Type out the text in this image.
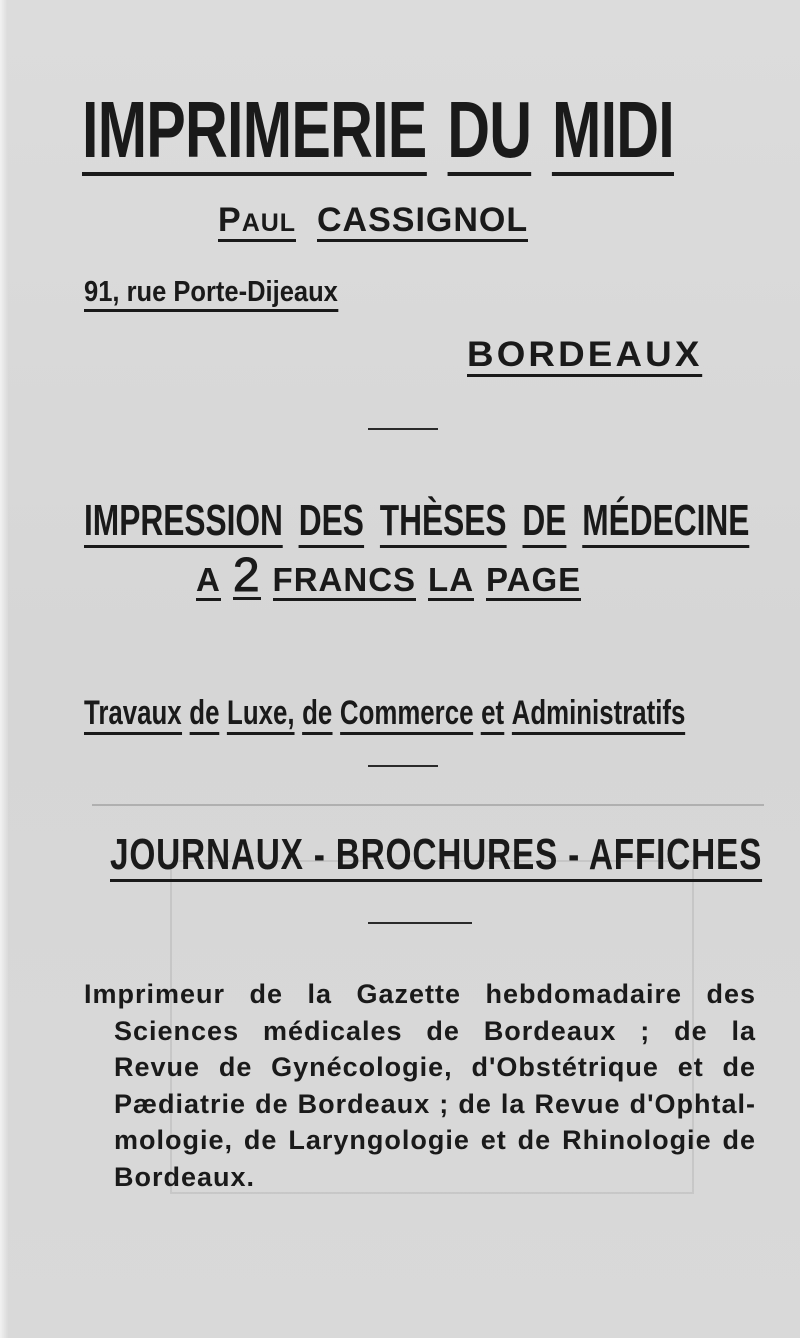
IMPRIMERIE DU MIDI
PAUL CASSIGNOL
91, rue Porte-Dijeaux
BORDEAUX
IMPRESSION DES THÈSES DE MÉDECINE
A 2 FRANCS LA PAGE
Travaux de Luxe, de Commerce et Administratifs
JOURNAUX - BROCHURES - AFFICHES

Imprimeur de la Gazette hebdomadaire des

Sciences médicales de Bordeaux ; de la

Revue de Gynécologie, d'Obstétrique et de

Pædiatrie de Bordeaux ; de la Revue d'Ophtal-

mologie, de Laryngologie et de Rhinologie de

Bordeaux.
